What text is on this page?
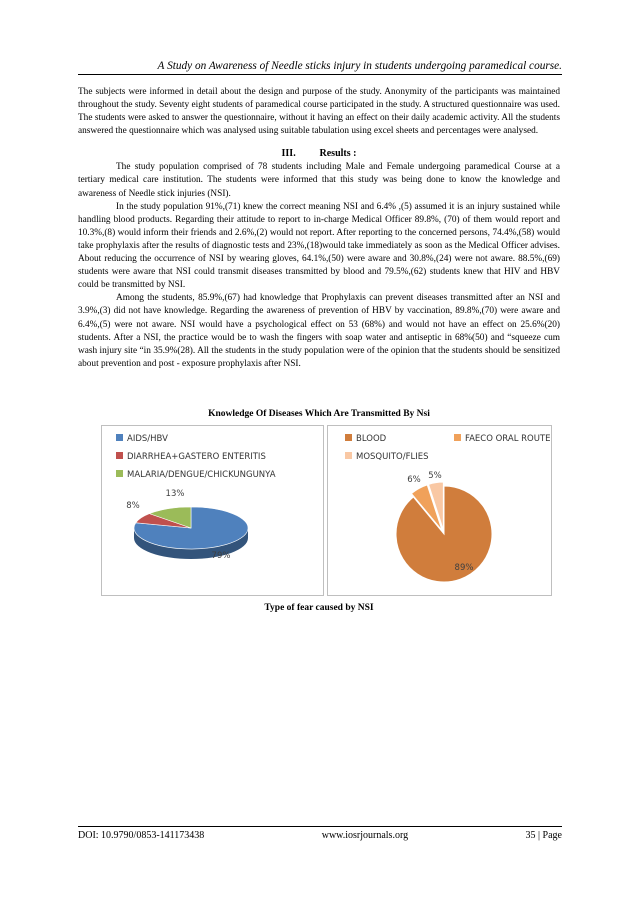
A Study on Awareness of Needle sticks injury in students undergoing paramedical course.

The subjects were informed in detail about the design and purpose of the study. Anonymity of the participants was maintained throughout the study. Seventy eight students of paramedical course participated in the study. A structured questionnaire was used. The students were asked to answer the questionnaire, without it having an effect on their daily academic activity. All the students answered the questionnaire which was analysed using suitable tabulation using excel sheets and percentages were analysed.

III. Results :

The study population comprised of 78 students including Male and Female undergoing paramedical Course at a tertiary medical care institution. The students were informed that this study was being done to know the knowledge and awareness of Needle stick injuries (NSI).

In the study population 91%,(71) knew the correct meaning NSI and 6.4% ,(5) assumed it is an injury sustained while handling blood products. Regarding their attitude to report to in-charge Medical Officer 89.8%, (70) of them would report and 10.3%,(8) would inform their friends and 2.6%,(2) would not report. After reporting to the concerned persons, 74.4%,(58) would take prophylaxis after the results of diagnostic tests and 23%,(18)would take immediately as soon as the Medical Officer advises. About reducing the occurrence of NSI by wearing gloves, 64.1%,(50) were aware and 30.8%,(24) were not aware. 88.5%,(69) students were aware that NSI could transmit diseases transmitted by blood and 79.5%,(62) students knew that HIV and HBV could be transmitted by NSI.

Among the students, 85.9%,(67) had knowledge that Prophylaxis can prevent diseases transmitted after an NSI and 3.9%,(3) did not have knowledge. Regarding the awareness of prevention of HBV by vaccination, 89.8%,(70) were aware and 6.4%,(5) were not aware. NSI would have a psychological effect on 53 (68%) and would not have an effect on 25.6%(20) students. After a NSI, the practice would be to wash the fingers with soap water and antiseptic in 68%(50) and “squeeze cum wash injury site “in 35.9%(28). All the students in the study population were of the opinion that the students should be sensitized about prevention and post - exposure prophylaxis after NSI.

Knowledge Of Diseases Which Are Transmitted By Nsi
AIDS/HBV
DIARRHEA+GASTERO ENTERITIS
MALARIA/DENGUE/CHICKUNGUNYA
79%
8%
13%
BLOOD	FAECO ORAL ROUTE
MOSQUITO/FLIES
89%
6% 5%
Type of fear caused by NSI
DOI: 10.9790/0853-141173438	www.iosrjournals.org	35 | Page
